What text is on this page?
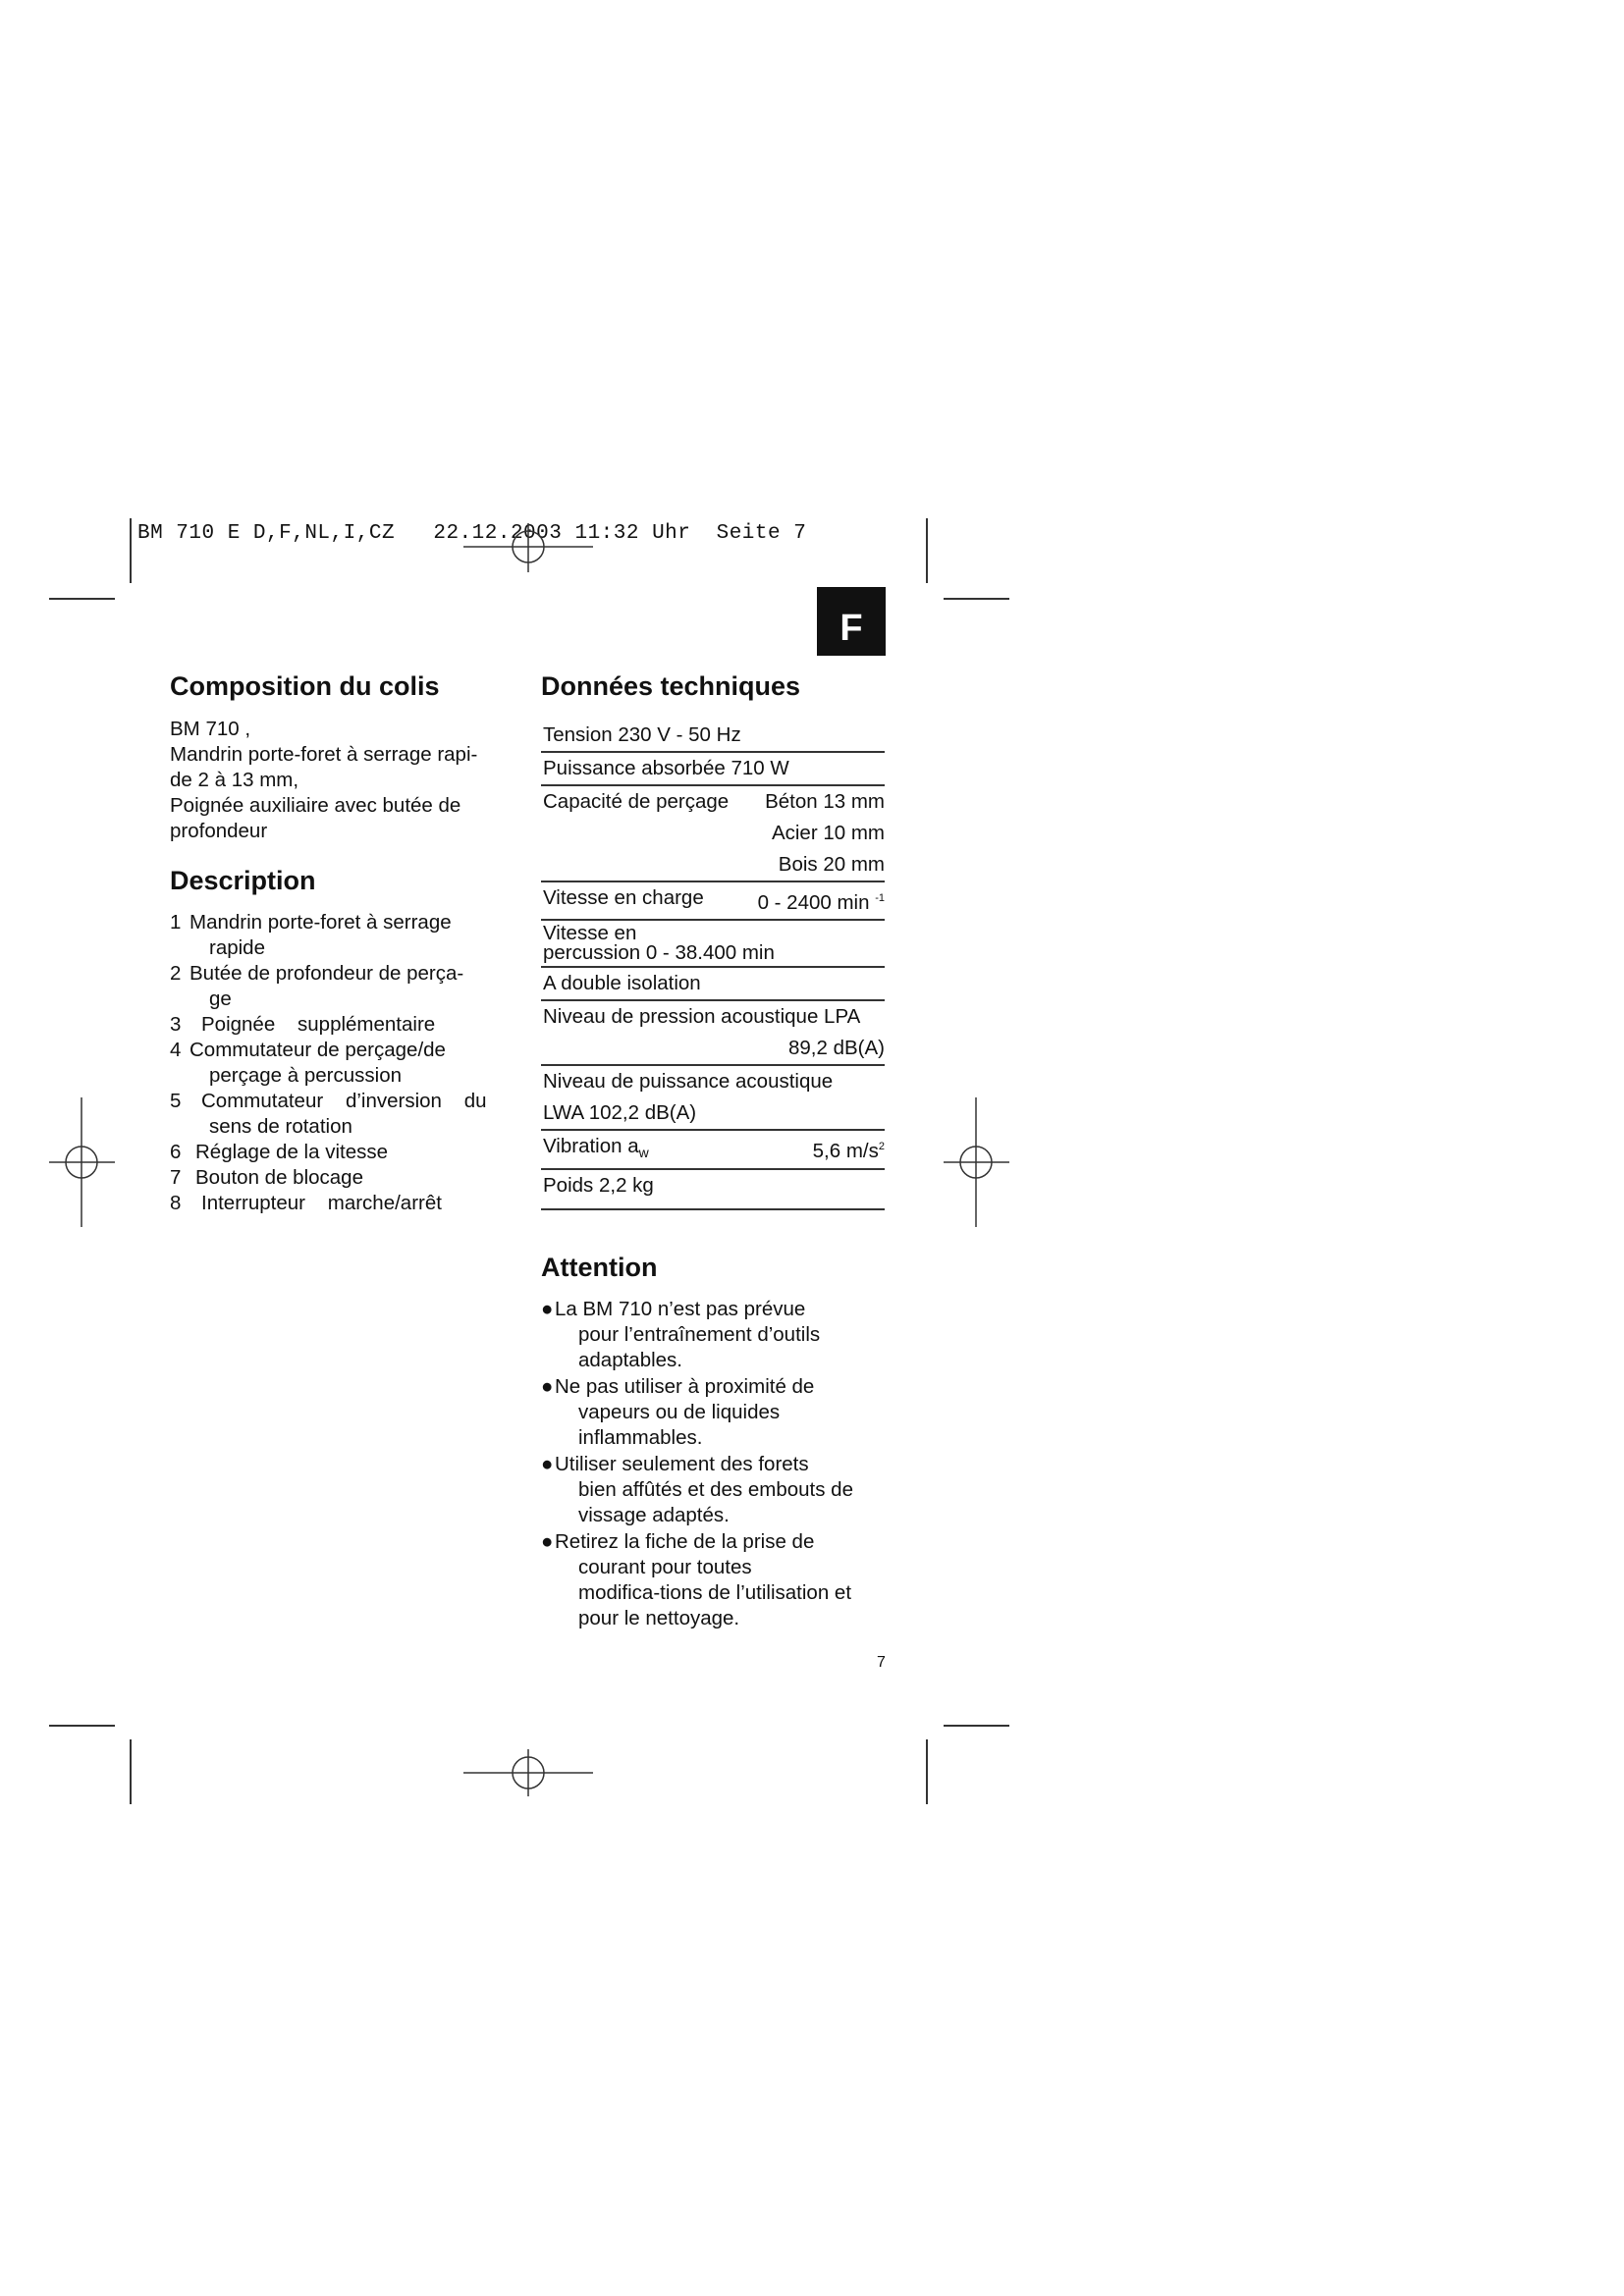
BM 710 E D,F,NL,I,CZ   22.12.2003 11:32 Uhr  Seite 7
F
Composition du colis
BM 710 ,
Mandrin porte-foret à serrage rapi-
de 2 à 13 mm,
Poignée auxiliaire avec butée de
profondeur
Description
1 Mandrin porte-foret à serrage
rapide
2 Butée de profondeur de perça-
ge
3	Poignée    supplémentaire
4 Commutateur de perçage/de
perçage à percussion
5	Commutateur    d’inversion    du
sens de rotation
6 Réglage de la vitesse
7 Bouton de blocage
8	Interrupteur    marche/arrêt
Données techniques
Tension 230 V - 50 Hz
Puissance absorbée 710 W
Capacité de perçage Béton 13 mm
Acier 10 mm
Bois 20 mm
Vitesse en charge	0 - 2400 min $^{-1}$
Vitesse en
percussion 0 - 38.400 min
A double isolation
Niveau de pression acoustique LPA
89,2 dB(A)
Niveau de puissance acoustique
LWA 102,2 dB(A)
Vibration $a_w$	5,6 $m/s^2$
Poids 2,2 kg
Attention
● La BM 710 n’est pas prévue
pour l’entraînement d’outils
adaptables.
● Ne pas utiliser à proximité de
vapeurs ou de liquides
inflammables.
● Utiliser seulement des forets
bien affûtés et des embouts de
vissage adaptés.
● Retirez la fiche de la prise de
courant pour toutes
modifica-tions de l’utilisation et
pour le nettoyage.
7
